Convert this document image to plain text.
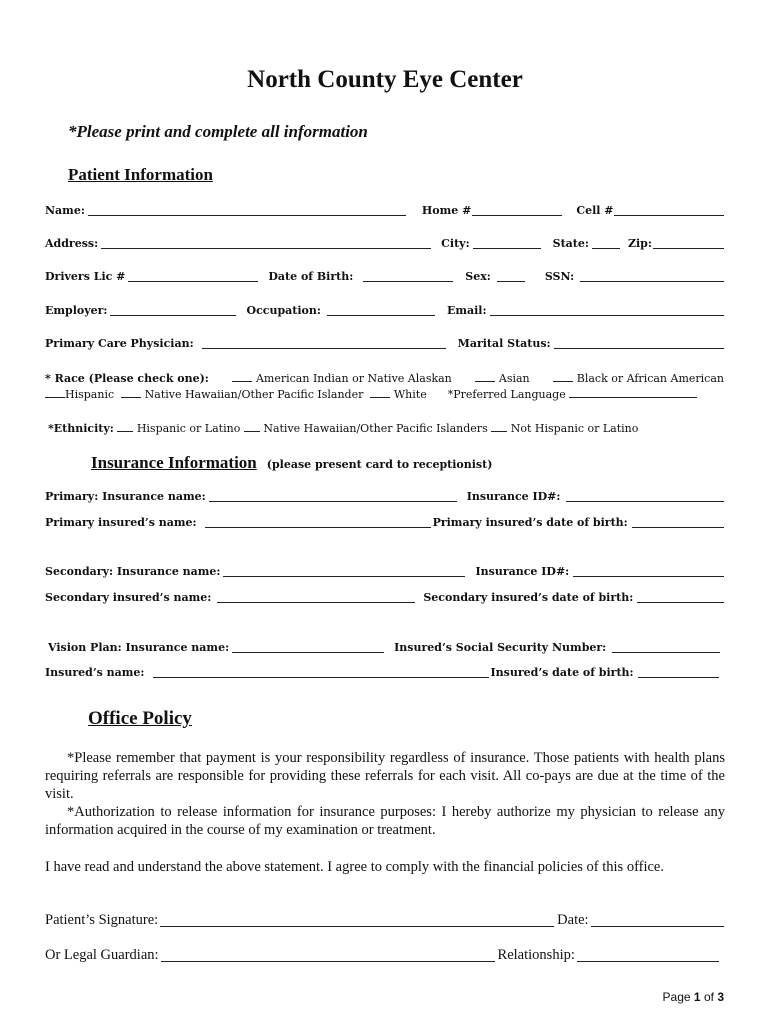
North County Eye Center
*Please print and complete all information
Patient Information
Name:	Home #	Cell #
Address:	City:	State:	Zip:
Drivers Lic #	Date of Birth:	Sex:	SSN:
Employer:	Occupation:	Email:
Primary Care Physician:	Marital Status:
* Race (Please check one):	American Indian or Native Alaskan	Asian	Black or African American
Hispanic	Native Hawaiian/Other Pacific Islander	White *Preferred Language
*Ethnicity: Hispanic or Latino Native Hawaiian/Other Pacific Islanders Not Hispanic or Latino
Insurance Information (please present card to receptionist)
Primary: Insurance name:	Insurance ID#:
Primary insured’s name:	Primary insured’s date of birth:
Secondary: Insurance name:	Insurance ID#:
Secondary insured’s name:	Secondary insured’s date of birth:
Vision Plan: Insurance name:	Insured’s Social Security Number:
Insured’s name:	Insured’s date of birth:
Office Policy
*Please remember that payment is your responsibility regardless of insurance. Those patients with health plans requiring referrals are responsible for providing these referrals for each visit. All co-pays are due at the time of the visit.
*Authorization to release information for insurance purposes: I hereby authorize my physician to release any information acquired in the course of my examination or treatment.
I have read and understand the above statement. I agree to comply with the financial policies of this office.
Patient’s Signature:	Date:
Or Legal Guardian:	Relationship:
Page 1 of 3
